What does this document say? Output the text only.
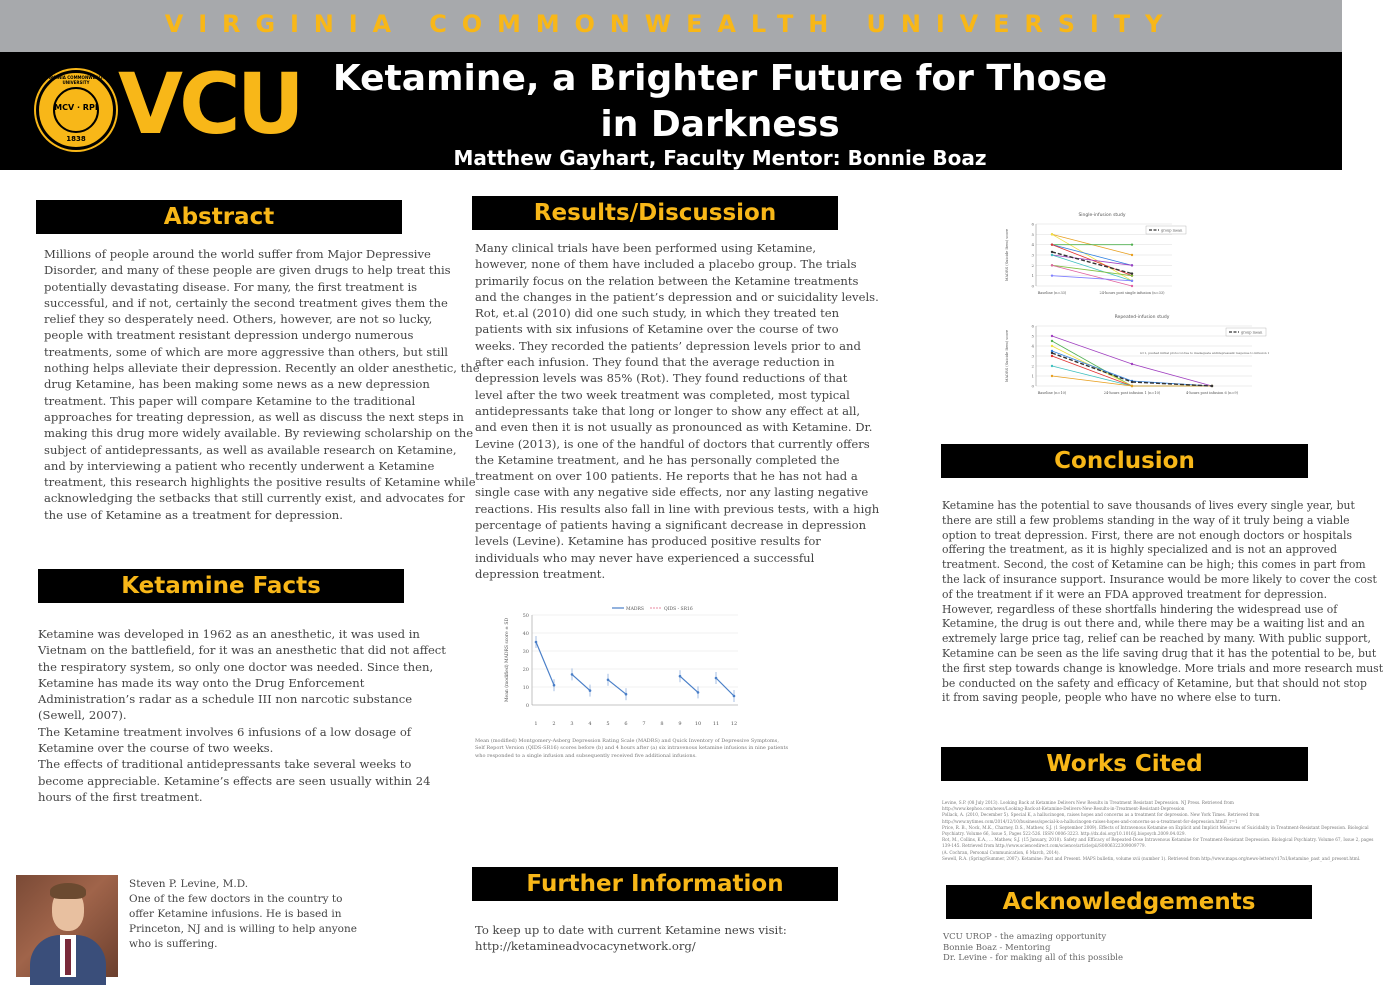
VIRGINIA COMMONWEALTH UNIVERSITY
VIRGINIA COMMONWEALTH UNIVERSITY
MCV · RPI
1838 VCU Ketamine, a Brighter Future for Those
in Darkness
Matthew Gayhart, Faculty Mentor: Bonnie Boaz
Abstract
Millions of people around the world suffer from Major Depressive
Disorder, and many of these people are given drugs to help treat this
potentially devastating disease. For many, the first treatment is
successful, and if not, certainly the second treatment gives them the
relief they so desperately need. Others, however, are not so lucky,
people with treatment resistant depression undergo numerous
treatments, some of which are more aggressive than others, but still
nothing helps alleviate their depression. Recently an older anesthetic, the
drug Ketamine, has been making some news as a new depression
treatment. This paper will compare Ketamine to the traditional
approaches for treating depression, as well as discuss the next steps in
making this drug more widely available. By reviewing scholarship on the
subject of antidepressants, as well as available research on Ketamine,
and by interviewing a patient who recently underwent a Ketamine
treatment, this research highlights the positive results of Ketamine while
acknowledging the setbacks that still currently exist, and advocates for
the use of Ketamine as a treatment for depression.
Ketamine Facts
Ketamine was developed in 1962 as an anesthetic, it was used in
Vietnam on the battlefield, for it was an anesthetic that did not affect
the respiratory system, so only one doctor was needed. Since then,
Ketamine has made its way onto the Drug Enforcement
Administration’s radar as a schedule III non narcotic substance
(Sewell, 2007).
The Ketamine treatment involves 6 infusions of a low dosage of
Ketamine over the course of two weeks.
The effects of traditional antidepressants take several weeks to
become appreciable. Ketamine’s effects are seen usually within 24
hours of the first treatment.
Steven P. Levine, M.D.
One of the few doctors in the country to
offer Ketamine infusions. He is based in
Princeton, NJ and is willing to help anyone
who is suffering.
Results/Discussion
Many clinical trials have been performed using Ketamine,
however, none of them have included a placebo group. The trials
primarily focus on the relation between the Ketamine treatments
and the changes in the patient’s depression and or suicidality levels.
Rot, et.al (2010) did one such study, in which they treated ten
patients with six infusions of Ketamine over the course of two
weeks. They recorded the patients’ depression levels prior to and
after each infusion. They found that the average reduction in
depression levels was 85% (Rot). They found reductions of that
level after the two week treatment was completed, most typical
antidepressants take that long or longer to show any effect at all,
and even then it is not usually as pronounced as with Ketamine. Dr.
Levine (2013), is one of the handful of doctors that currently offers
the Ketamine treatment, and he has personally completed the
treatment on over 100 patients. He reports that he has not had a
single case with any negative side effects, nor any lasting negative
reactions. His results also fall in line with previous tests, with a high
percentage of patients having a significant decrease in depression
levels (Levine). Ketamine has produced positive results for
individuals who may never have experienced a successful
depression treatment.
0
10
20
30
40
50
Mean (modified) MADRS score ± SD
1	2	3	4	5	6	7	8	9	10 11 12
MADRS	QIDS - SR16
Mean (modified) Montgomery-Asberg Depression Rating Scale (MADRS) and Quick Inventory of Depressive Symptoms,
Self Report Version (QIDS-SR16) scores before (b) and 4 hours after (a) six intravenous ketamine infusions in nine patients
who responded to a single infusion and subsequently received five additional infusions.
Further Information
To keep up to date with current Ketamine news visit:
http://ketamineadvocacynetwork.org/
Single-infusion study
0
1
2
3
4
5
6
MADRS (Suicide Item) score
Baseline (n=33)	24-hours post single infusion (n=33)
group mean
Repeated-infusion study
0
1
2
3
4
5
6
MADRS (Suicide Item) score
Baseline (n=10)	24-hours post infusion 1 (n=10)	4-hours post infusion 6 (n=9)
group mean
n=1, pushed initial protocol due to inadequate antidepressant response to infusion 1
Conclusion
Ketamine has the potential to save thousands of lives every single year, but
there are still a few problems standing in the way of it truly being a viable
option to treat depression. First, there are not enough doctors or hospitals
offering the treatment, as it is highly specialized and is not an approved
treatment. Second, the cost of Ketamine can be high; this comes in part from
the lack of insurance support. Insurance would be more likely to cover the cost
of the treatment if it were an FDA approved treatment for depression.
However, regardless of these shortfalls hindering the widespread use of
Ketamine, the drug is out there and, while there may be a waiting list and an
extremely large price tag, relief can be reached by many. With public support,
Ketamine can be seen as the life saving drug that it has the potential to be, but
the first step towards change is knowledge. More trials and more research must
be conducted on the safety and efficacy of Ketamine, but that should not stop
it from saving people, people who have no where else to turn.
Works Cited
Levine, S.P. (08 July 2013). Looking Back at Ketamine Delivers New Results in Treatment Resistant Depression. NJ Press. Retrieved from
http://www.kephoo.com/news/Looking-Back-at-Ketamine-Delivers-New-Results-in-Treatment-Resistant-Depression
Pollack, A. (2010, December 5). Special K, a hallucinogen, raises hopes and concerns as a treatment for depression. New York Times. Retrieved from
http://www.nytimes.com/2014/12/10/business/special-k-a-hallucinogen-raises-hopes-and-concerns-as-a-treatment-for-depression.html?_r=1
Price, R. B., Nock, M.K., Charney, D.S., Mathew, S.J. (1 September 2009). Effects of Intravenous Ketamine on Explicit and Implicit Measures of Suicidality in Treatment-Resistant Depression. Biological
Psychiatry. Volume 66, Issue 5, Pages 522-526. ISSN 0006-3223. http://dx.doi.org/10.1016/j.biopsych.2009.04.029.
Rot, M., Collins, K.A., ... Mathew, S.J. (15 January, 2010). Safety and Efficacy of Repeated-Dose Intravenous Ketamine for Treatment-Resistant Depression. Biological Psychiatry. Volume 67, Issue 2, pages
139-145. Retrieved from http://www.sciencedirect.com/science/article/pii/S0006322309009779.
(A. Cochran, Personal Communication, 6 March, 2014).
Sewell, R.A. (Spring/Summer, 2007). Ketamine: Past and Present. MAPS bulletin, volume xvii (number 1). Retrieved from http://www.maps.org/news-letters/v17n1/ketamine_past_and_present.html.
Acknowledgements
VCU UROP - the amazing opportunity
Bonnie Boaz - Mentoring
Dr. Levine - for making all of this possible
